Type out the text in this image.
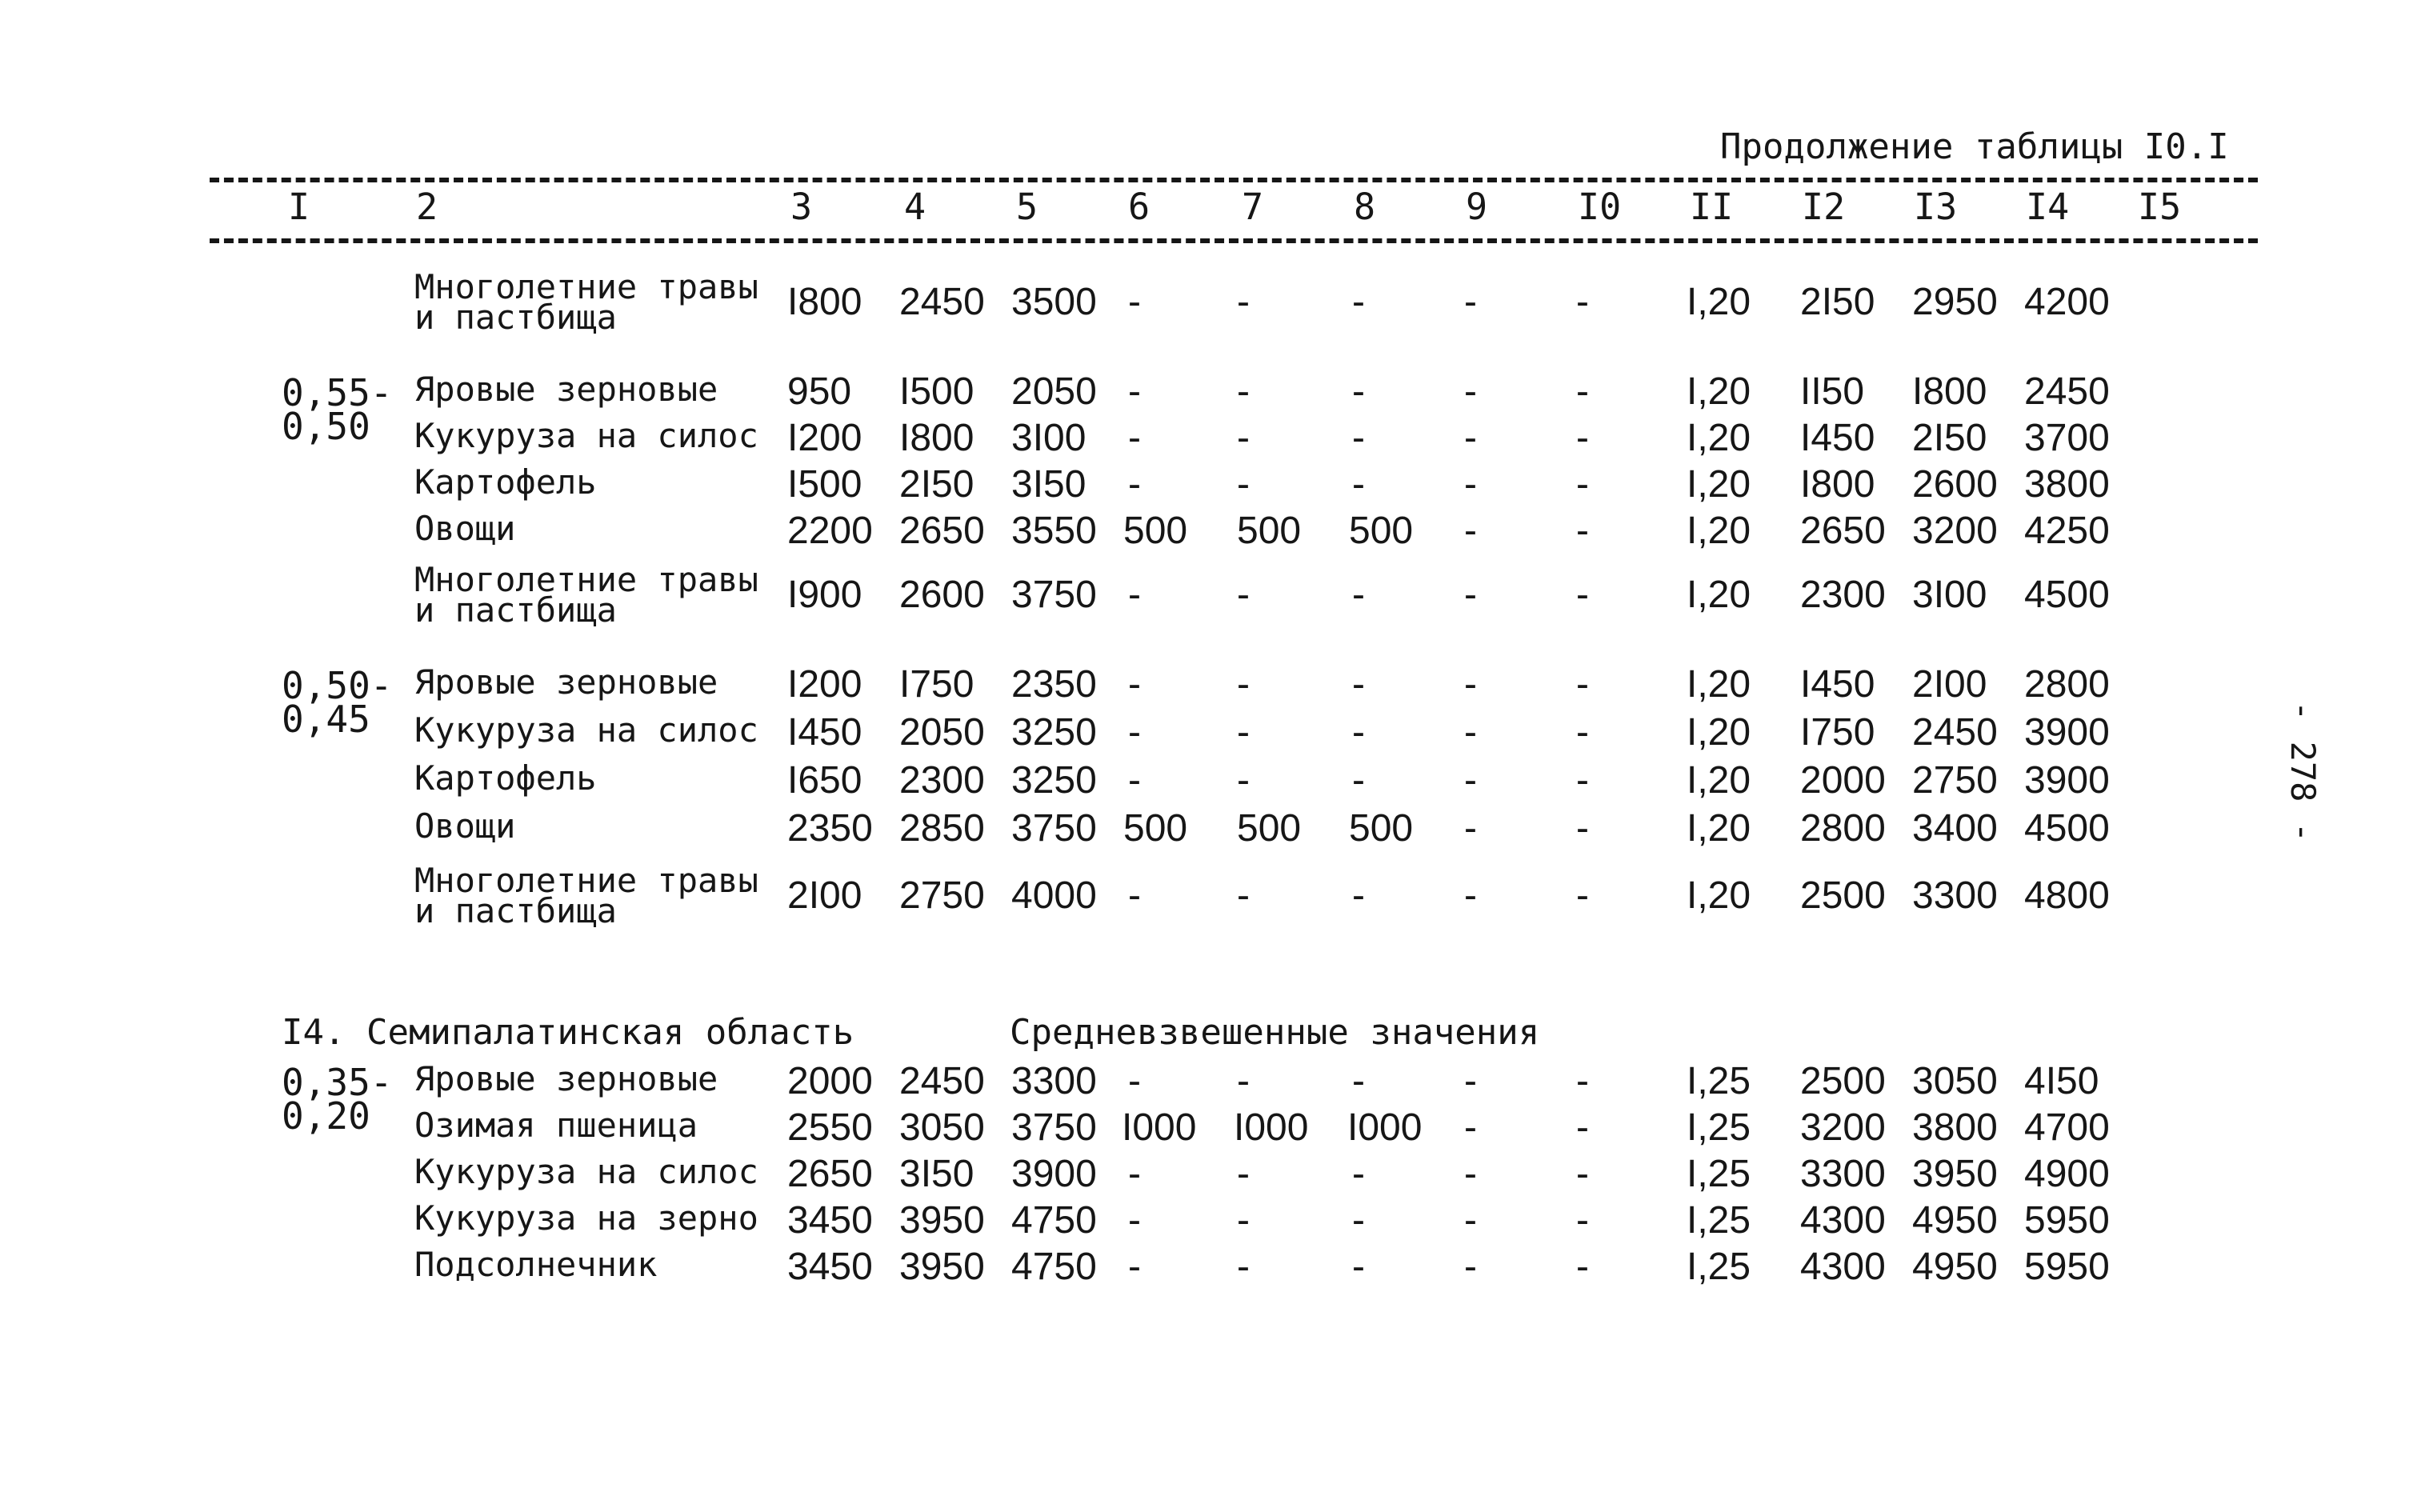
Продолжение таблицы I0.I
I	2	3	4	5	6	7	8	9	I0 II I2 I3 I4 I5
Многолетние травы
и пастбища	I800 2450 3500 -	-	-	-	-	I,20 2I50 2950 4200
0,55-
0,50
Яровые зерновые 950 I500 2050 -	-	-	-	-	I,20 II50 I800 2450
Кукуруза на силос I200 I800 3I00 -	-	-	-	-	I,20 I450 2I50 3700
Картофель	I500 2I50 3I50 -	-	-	-	-	I,20 I800 2600 3800
Овощи	2200 2650 3550 500 500 500 -	-	I,20 2650 3200 4250
Многолетние травы
и пастбища	I900 2600 3750 -	-	-	-	-	I,20 2300 3I00 4500
0,50-
0,45
Яровые зерновые I200 I750 2350 -	-	-	-	-	I,20 I450 2I00 2800
Кукуруза на силос I450 2050 3250 -	-	-	-	-	I,20 I750 2450 3900
Картофель	I650 2300 3250 -	-	-	-	-	I,20 2000 2750 3900
Овощи	2350 2850 3750 500 500 500 -	-	I,20 2800 3400 4500
Многолетние травы
и пастбища	2I00 2750 4000 -	-	-	-	-	I,20 2500 3300 4800
I4. Семипалатинская область	Средневзвешенные значения
0,35-
0,20
Яровые зерновые 2000 2450 3300 -	-	-	-	-	I,25 2500 3050 4I50
Озимая пшеница 2550 3050 3750 I000 I000 I000 -	-	I,25 3200 3800 4700
Кукуруза на силос 2650 3I50 3900 -	-	-	-	-	I,25 3300 3950 4900
Кукуруза на зерно 3450 3950 4750 -	-	-	-	-	I,25 4300 4950 5950
Подсолнечник	3450 3950 4750 -	-	-	-	-	I,25 4300 4950 5950
- 278 -
